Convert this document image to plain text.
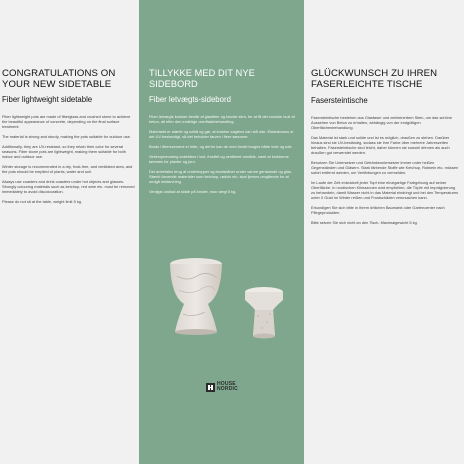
CONGRATULATIONS ON YOUR NEW SIDETABLE
Fiber lightweight sidetable

Fiber lightweight pots are made of fiberglass and crushed stone to achieve the beautiful appearance of concrete, depending on the final surface treatment.

The material is strong and sturdy, making the pots suitable for outdoor use.

Additionally, they are UV-resistant, so they retain their color for several seasons. Fiber stone pots are lightweight, making them suitable for both indoor and outdoor use.

Winter storage is recommended in a dry, frost-free, and ventilated area, and the pots should be emptied of plants, water and soil.

Always use coasters and drink coasters under hot objects and glasses. Strongly colouring materials such as ketchup, red wine etc. must be removed immediately to avoid discolouration.

Please do not sit at the table, weight limit 5 kg.

TILLYKKE MED DIT NYE SIDEBORD
Fiber letvægts-sidebord

Fiber letvægts krukker består af glasfiber og knuste sten, for at få det smukke look af beton, alt efter den endelige overfladebehandling.

Materialet er stærkt og solidt og gør, at krukker sagtens kan stå ude. Ekstrabonus er det UV-bestandigt, så det beholder farven i flere sæsoner.

Bords i fiberscement er lette, og derfor kan de med fordel bruges både inde og ude.

Vinteropbevaring anbefales i tørt, frostfrit og ventileret område, samt at krukkerne tømmes for planter og jord.

Det anbefales brug af underkopper og bordskåner under varme genstande og glas. Stærkt farvende materialer som ketchup, rødvin etc. skal fjernes omgående for at undgå misfarvning.

Venligst undlad at sidde på bordet, max vægt 5 kg.

HOUSE
NORDIC
GLÜCKWUNSCH ZU IHREN FASERLEICHTE TISCHE
Fasersteintische

Fasersteintische bestehen aus Glasfaser und zerkleinertem Stein, um das schöne Aussehen von Beton zu erhalten, abhängig von der endgültigen Oberflächenbehandlung.

Das Material ist stark und solide und ist es möglich, draußen zu stehen. Darüber hinaus sind sie UV-beständig, sodass sie ihre Farbe über mehrere Jahreszeiten behalten. Fasersteintische sind leicht, daher können sie sowohl drinnen als auch draußen gut verwendet werden.

Benutzen Sie Untersetzer und Getränkeuntersetzer immer unter heißen Gegenständen und Gläsern. Stark färbende Stoffe wie Ketchup, Rotwein etc. müssen sofort entfernt werden, um Verfärbungen zu vermeiden.

Im Laufe der Zeit entwickelt jeder Topf eine einzigartige Farbgebung auf seiner Oberfläche. In nordischen Klimazonen wird empfohlen, die Töpfe mit Imprägnierung zu behandeln, damit Wasser nicht in das Material eindringt und bei den Temperaturen unter 0 Grad im Winter reißen und Frostschäden verursachen kann.

Erkundigen Sie sich bitte in Ihrem örtlichen Baumarkt oder Gartencenter nach Pflegeprodukten.

Bitte setzen Sie sich nicht an den Tisch. Maximalgewicht 5 kg.
